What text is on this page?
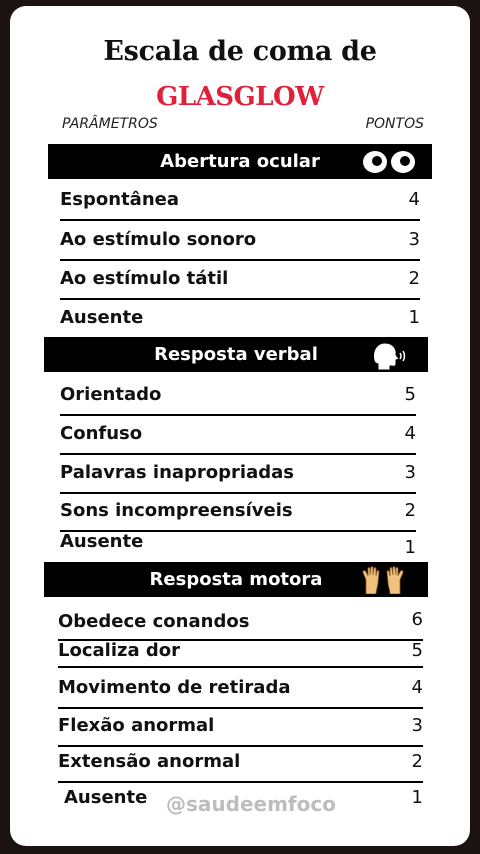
Escala de coma de
GLASGLOW
PARÂMETROS	PONTOS
Abertura ocular
Espontânea	4
Ao estímulo sonoro	3
Ao estímulo tátil	2
Ausente	1
Resposta verbal
Orientado	5
Confuso	4
Palavras inapropriadas	3
Sons incompreensíveis	2
Ausente	1
Resposta motora
Obedece conandos	6
Localiza dor	5
Movimento de retirada	4
Flexão anormal	3
Extensão anormal	2
Ausente	1
@saudeemfoco
